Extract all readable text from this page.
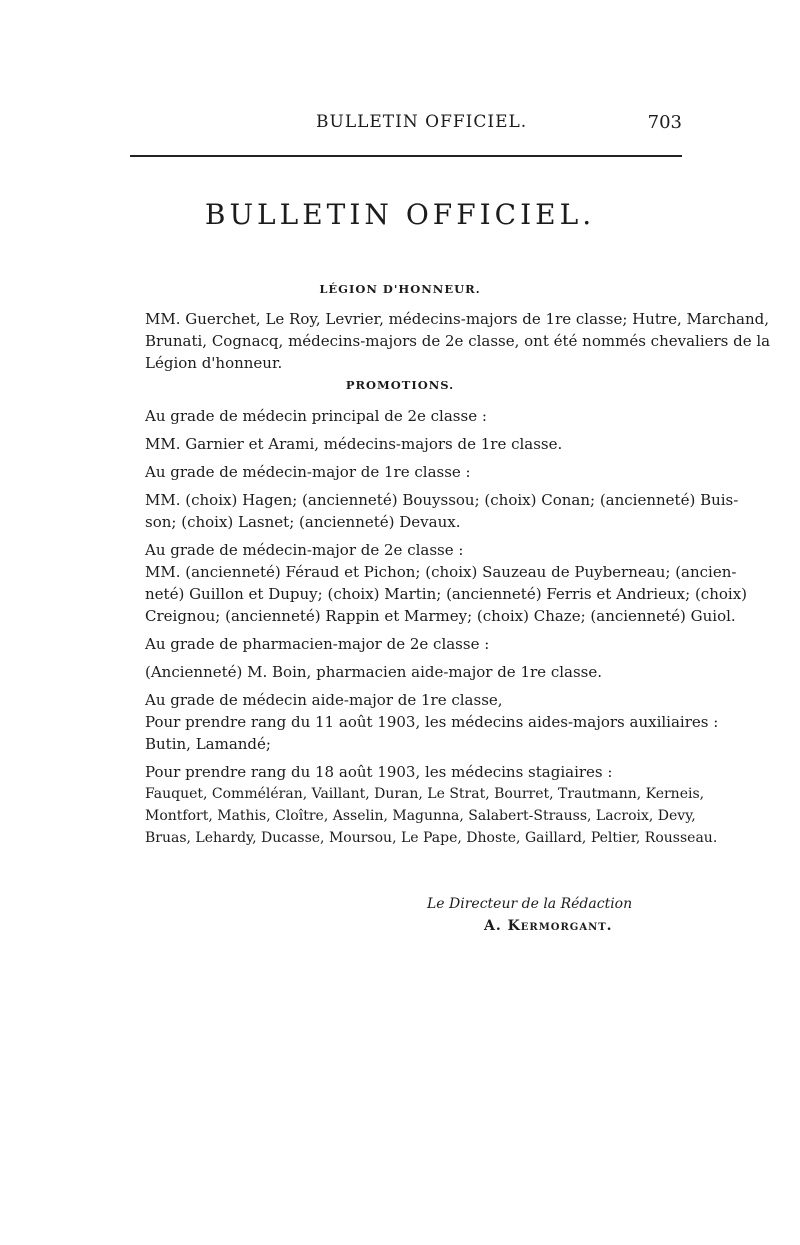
BULLETIN OFFICIEL.	703
BULLETIN OFFICIEL.
LÉGION D'HONNEUR.
MM. Guerchet, Le Roy, Levrier, médecins-majors de 1re classe; Hutre, Marchand,
Brunati, Cognacq, médecins-majors de 2e classe, ont été nommés chevaliers de la
Légion d'honneur.
PROMOTIONS.
Au grade de médecin principal de 2e classe :
MM. Garnier et Arami, médecins-majors de 1re classe.
Au grade de médecin-major de 1re classe :
MM. (choix) Hagen; (ancienneté) Bouyssou; (choix) Conan; (ancienneté) Buis-
son; (choix) Lasnet; (ancienneté) Devaux.
Au grade de médecin-major de 2e classe :
MM. (ancienneté) Féraud et Pichon; (choix) Sauzeau de Puyberneau; (ancien-
neté) Guillon et Dupuy; (choix) Martin; (ancienneté) Ferris et Andrieux; (choix)
Creignou; (ancienneté) Rappin et Marmey; (choix) Chaze; (ancienneté) Guiol.
Au grade de pharmacien-major de 2e classe :
(Ancienneté) M. Boin, pharmacien aide-major de 1re classe.
Au grade de médecin aide-major de 1re classe,
Pour prendre rang du 11 août 1903, les médecins aides-majors auxiliaires :
Butin, Lamandé;
Pour prendre rang du 18 août 1903, les médecins stagiaires :
Fauquet, Comméléran, Vaillant, Duran, Le Strat, Bourret, Trautmann, Kerneis,
Montfort, Mathis, Cloître, Asselin, Magunna, Salabert-Strauss, Lacroix, Devy,
Bruas, Lehardy, Ducasse, Moursou, Le Pape, Dhoste, Gaillard, Peltier, Rousseau.
Le Directeur de la Rédaction
A. Kermorgant.
